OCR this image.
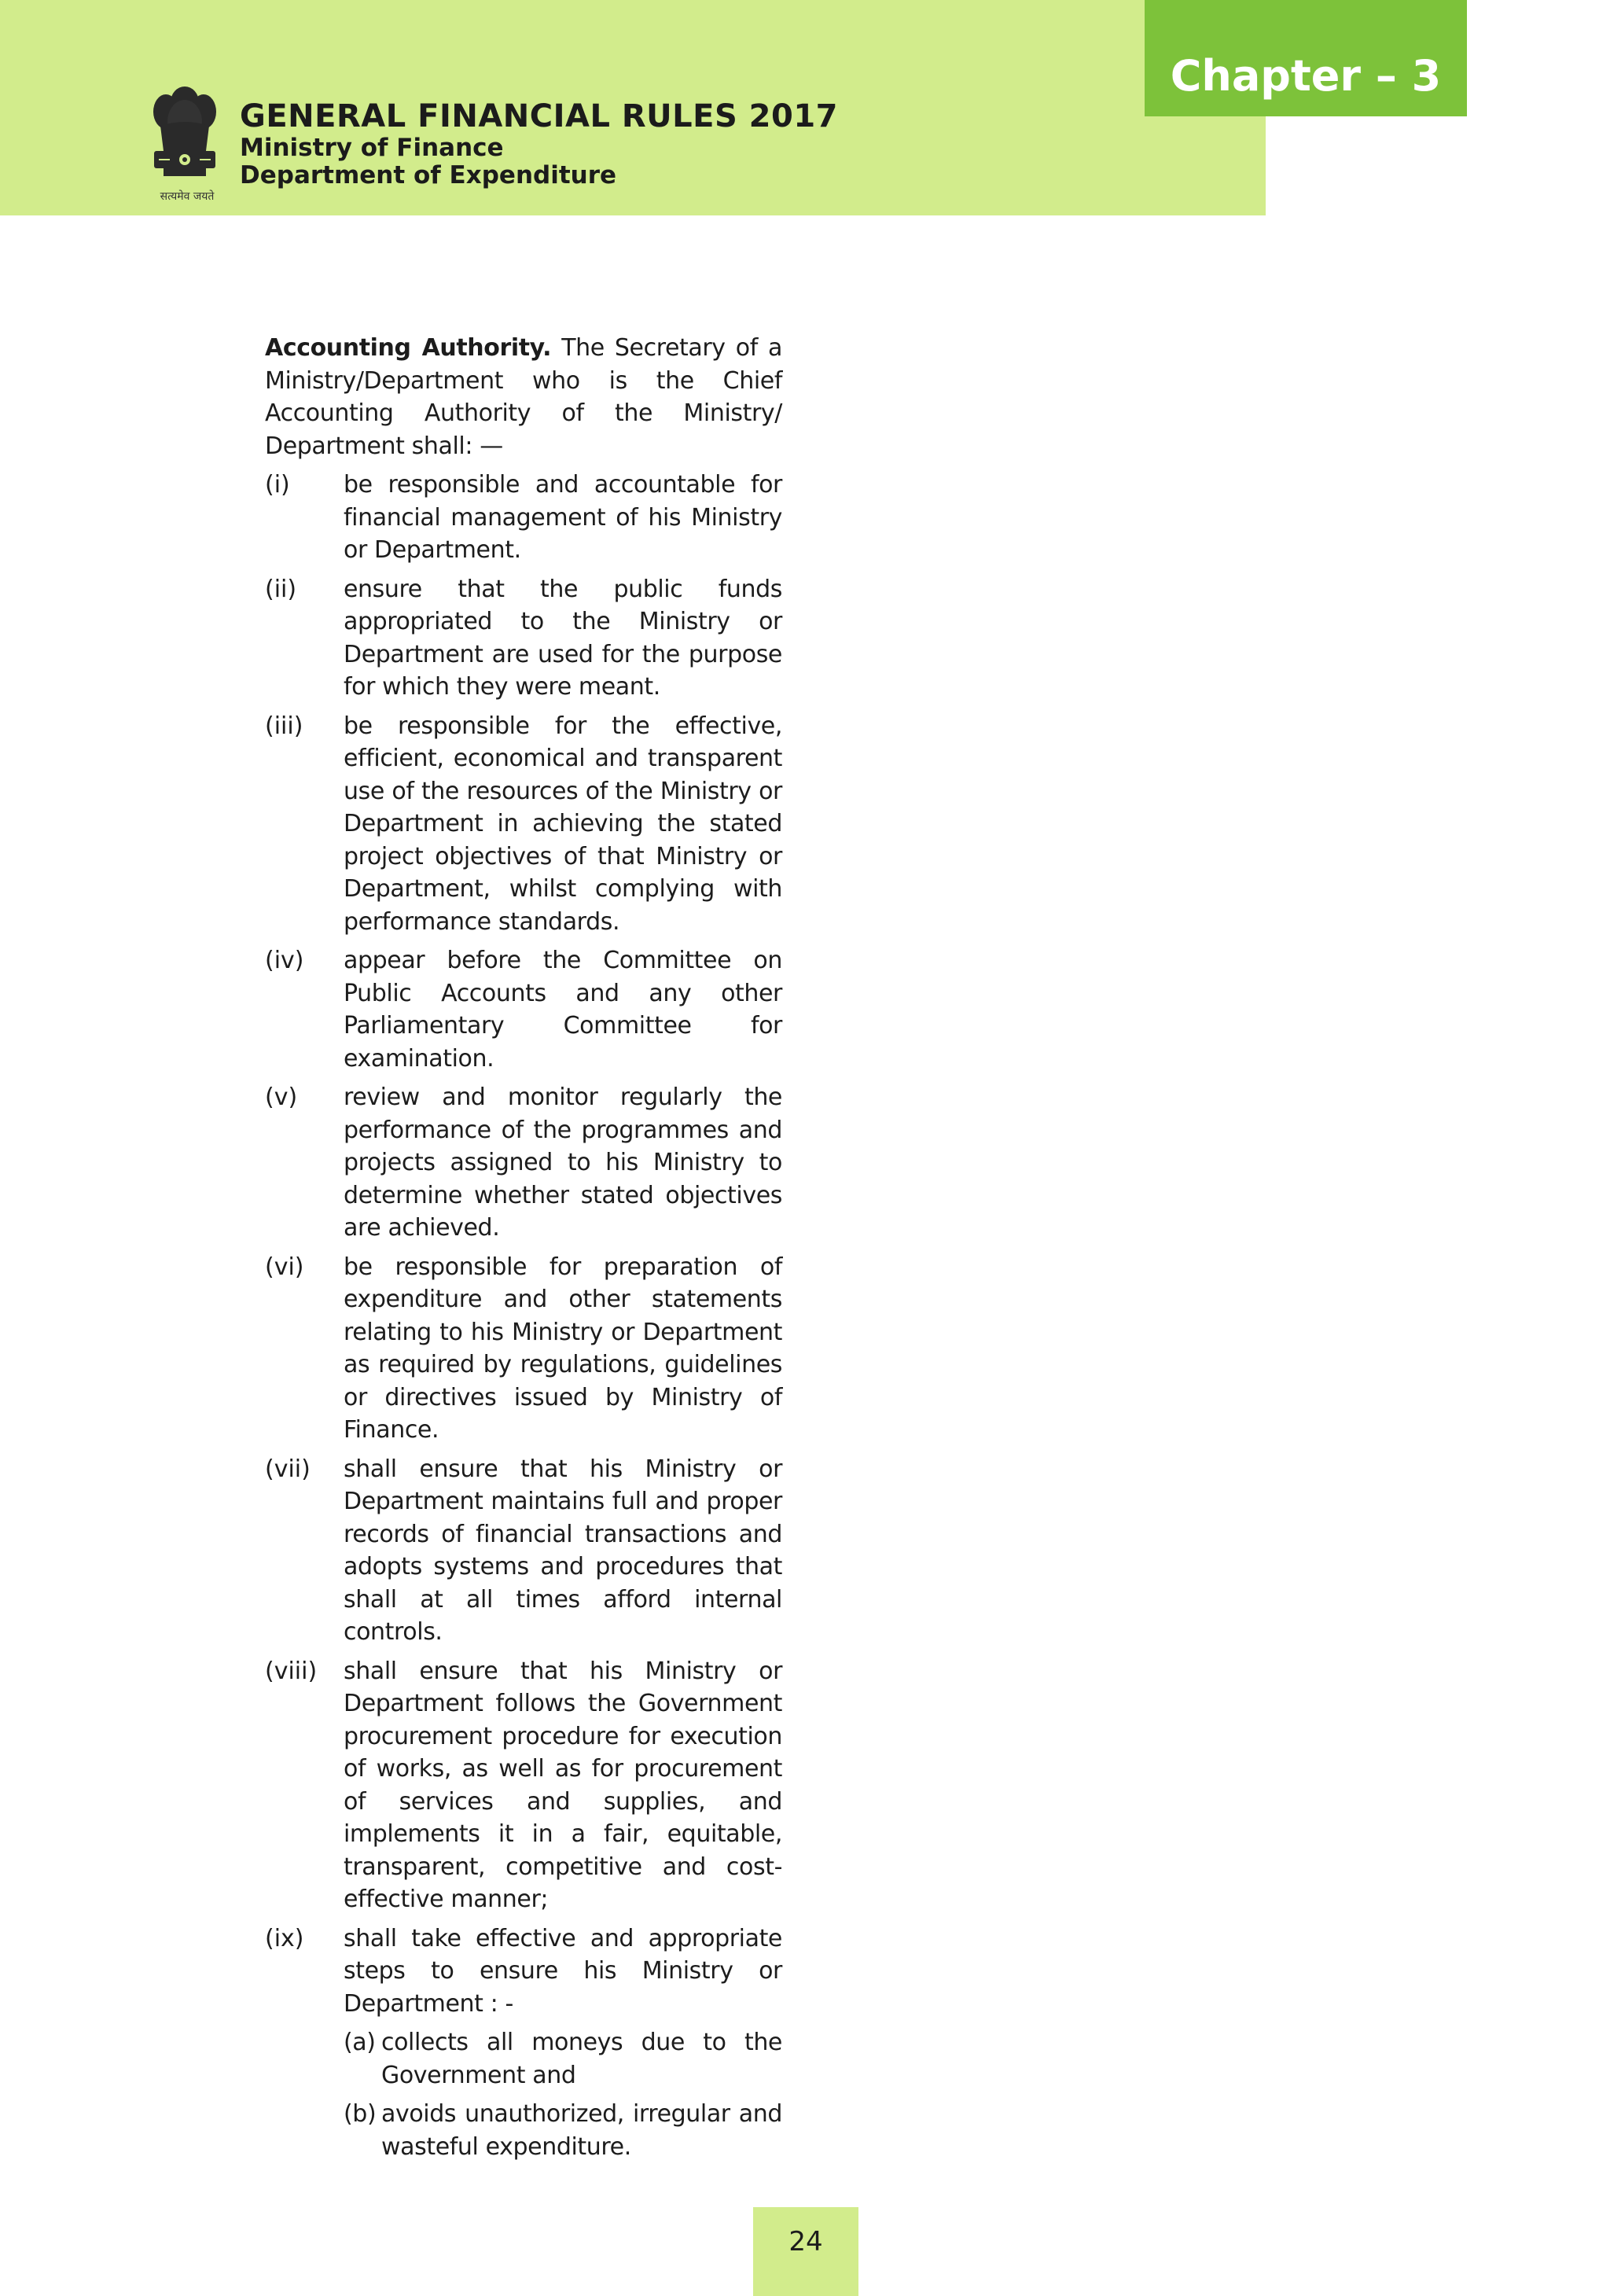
Chapter – 3
सत्यमेव जयते
GENERAL FINANCIAL RULES 2017
Ministry of Finance
Department of Expenditure

Accounting Authority. The Secretary of a Ministry/Department who is the Chief Accounting Authority of the Ministry/ Department shall: —

(i)	be responsible and accountable for financial management of his Ministry or Department.
(ii)	ensure that the public funds appropriated to the Ministry or Department are used for the purpose for which they were meant.
(iii)	be responsible for the effective, efficient, economical and transparent use of the resources of the Ministry or Department in achieving the stated project objectives of that Ministry or Department, whilst complying with performance standards.
(iv)	appear before the Committee on Public Accounts and any other Parliamentary Committee for examination.
(v)	review and monitor regularly the performance of the programmes and projects assigned to his Ministry to determine whether stated objectives are achieved.
(vi)	be responsible for preparation of expenditure and other statements relating to his Ministry or Department as required by regulations, guidelines or directives issued by Ministry of Finance.
(vii)	shall ensure that his Ministry or Department maintains full and proper records of financial transactions and adopts systems and procedures that shall at all times afford internal controls.
(viii)	shall ensure that his Ministry or Department follows the Government procurement procedure for execution of works, as well as for procurement of services and supplies, and implements it in a fair, equitable, transparent, competitive and cost-effective manner;
(ix)	shall take effective and appropriate steps to ensure his Ministry or Department : -
(a) collects all moneys due to the Government and
(b) avoids unauthorized, irregular and wasteful expenditure.
24
